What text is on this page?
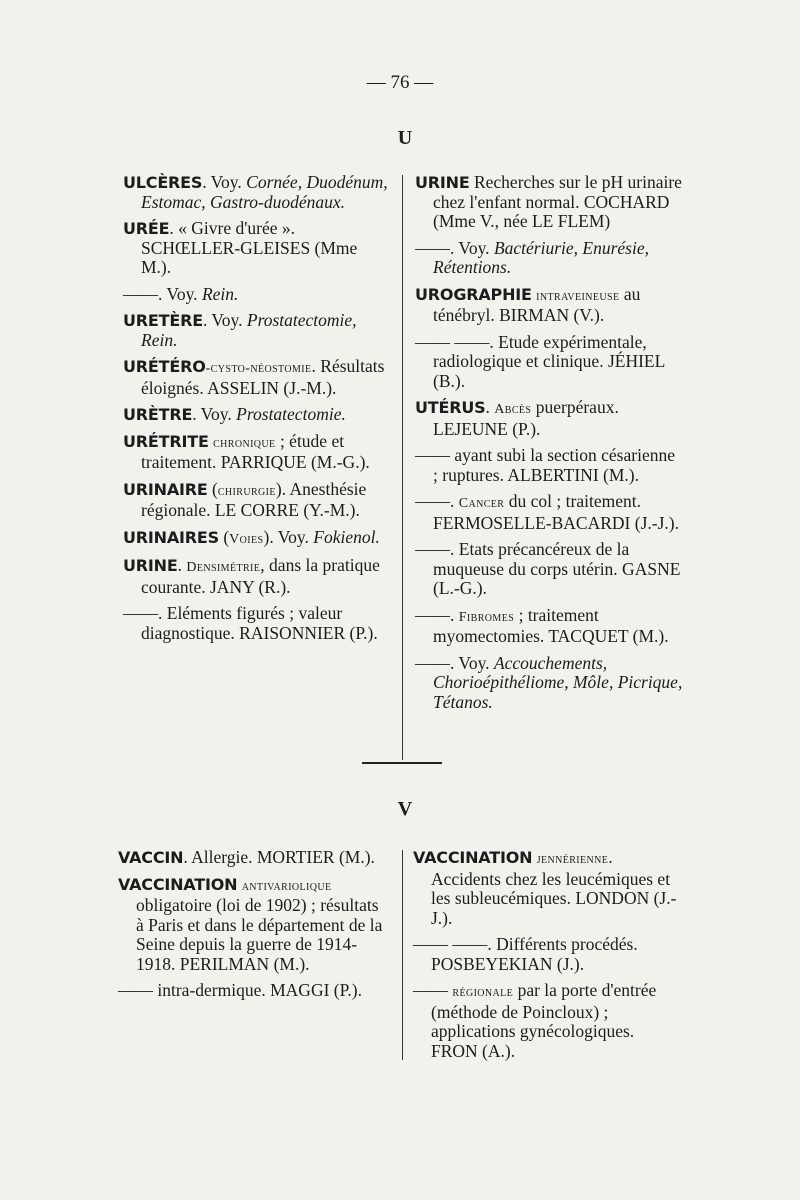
— 76 —
U

ULCÈRES. Voy. Cornée, Duodénum, Estomac, Gastro-duodénaux.

URÉE. « Givre d'urée ». SCHŒLLER-GLEISES (Mme M.).

——. Voy. Rein.

URETÈRE. Voy. Prostatectomie, Rein.

URÉTÉRO-cysto-néostomie. Résultats éloignés. ASSELIN (J.-M.).

URÈTRE. Voy. Prostatectomie.

URÉTRITE chronique ; étude et traitement. PARRIQUE (M.-G.).

URINAIRE (chirurgie). Anesthésie régionale. LE CORRE (Y.-M.).

URINAIRES (Voies). Voy. Fokienol.

URINE. Densimétrie, dans la pratique courante. JANY (R.).

——. Eléments figurés ; valeur diagnostique. RAISONNIER (P.).

URINE Recherches sur le pH urinaire chez l'enfant normal. COCHARD (Mme V., née LE FLEM)

——. Voy. Bactériurie, Enurésie, Rétentions.

UROGRAPHIE intraveineuse au ténébryl. BIRMAN (V.).

—— ——. Etude expérimentale, radiologique et clinique. JÉHIEL (B.).

UTÉRUS. Abcès puerpéraux. LEJEUNE (P.).

—— ayant subi la section césarienne ; ruptures. ALBERTINI (M.).

——. Cancer du col ; traitement. FERMOSELLE-BACARDI (J.-J.).

——. Etats précancéreux de la muqueuse du corps utérin. GASNE (L.-G.).

——. Fibromes ; traitement myomectomies. TACQUET (M.).

——. Voy. Accouchements, Chorioépithéliome, Môle, Picrique, Tétanos.

V

VACCIN. Allergie. MORTIER (M.).

VACCINATION antivariolique obligatoire (loi de 1902) ; résultats à Paris et dans le département de la Seine depuis la guerre de 1914-1918. PERILMAN (M.).

—— intra-dermique. MAGGI (P.).

VACCINATION jennérienne. Accidents chez les leucémiques et les subleucémiques. LONDON (J.-J.).

—— ——. Différents procédés. POSBEYEKIAN (J.).

—— régionale par la porte d'entrée (méthode de Poincloux) ; applications gynécologiques. FRON (A.).
